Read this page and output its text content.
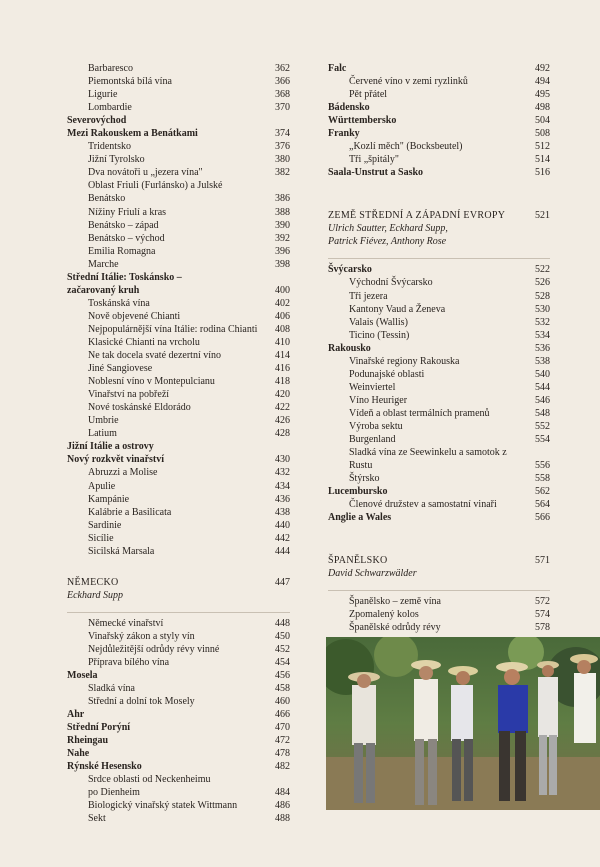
Barbaresco	362
Piemontská bílá vína	366
Ligurie	368
Lombardie	370
Severovýchod
Mezi Rakouskem a Benátkami	374
Tridentsko	376
Jižní Tyrolsko	380
Dva novátoři u „jezera vína"	382
Oblast Friuli (Furlánsko) a Julské Benátsko	386
Nížiny Friulí a kras	388
Benátsko – západ	390
Benátsko – východ	392
Emilia Romagna	396
Marche	398
Střední Itálie: Toskánsko –
začarovaný kruh	400
Toskánská vína	402
Nově objevené Chianti	406
Nejpopulárnější vína Itálie: rodina Chianti	408
Klasické Chianti na vrcholu	410
Ne tak docela svaté dezertní víno	414
Jiné Sangiovese	416
Noblesní víno v Montepulcianu	418
Vinařství na pobřeží	420
Nové toskánské Eldorádo	422
Umbrie	426
Latium	428
Jižní Itálie a ostrovy
Nový rozkvět vinařství	430
Abruzzi a Molise	432
Apulie	434
Kampánie	436
Kalábrie a Basilicata	438
Sardinie	440
Sicílie	442
Sicilská Marsala	444
NĚMECKO	447
Eckhard Supp
Německé vinařství	448
Vinařský zákon a styly vín	450
Nejdůležitější odrůdy révy vinné	452
Příprava bílého vína	454
Mosela	456
Sladká vína	458
Střední a dolní tok Mosely	460
Ahr	466
Střední Porýní	470
Rheingau	472
Nahe	478
Rýnské Hesensko	482
Srdce oblasti od Neckenheimu
po Dienheim	484
Biologický vinařský statek Wittmann	486
Sekt	488
Falc	492
Červené víno v zemi ryzlinků	494
Pět přátel	495
Bádensko	498
Württembersko	504
Franky	508
„Kozlí měch" (Bocksbeutel)	512
Tři „špitály"	514
Saala-Unstrut a Sasko	516
ZEMĚ STŘEDNÍ A ZÁPADNÍ EVROPY	521
Ulrich Sautter, Eckhard Supp,
Patrick Fiévez, Anthony Rose
Švýcarsko	522
Východní Švýcarsko	526
Tři jezera	528
Kantony Vaud a Ženeva	530
Valais (Wallis)	532
Ticino (Tessin)	534
Rakousko	536
Vinařské regiony Rakouska	538
Podunajské oblasti	540
Weinviertel	544
Víno Heuriger	546
Vídeň a oblast termálních pramenů	548
Výroba sektu	552
Burgenland	554
Sladká vína ze Seewinkelu a samotok z Rustu	556
Štýrsko	558
Lucembursko	562
Členové družstev a samostatní vinaři	564
Anglie a Wales	566
ŠPANĚLSKO	571
David Schwarzwälder
Španělsko – země vína	572
Zpomalený kolos	574
Španělské odrůdy révy	578
